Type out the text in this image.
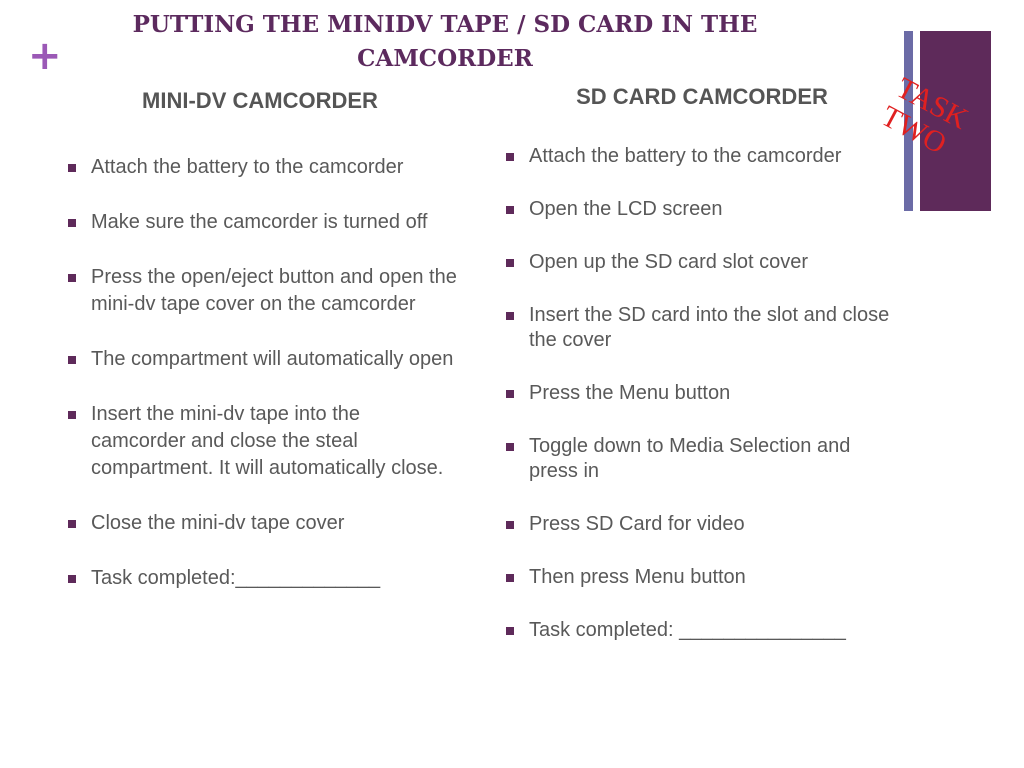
+
PUTTING THE MINIDV TAPE / SD CARD IN THE CAMCORDER
TASK TWO
MINI-DV CAMCORDER
Attach the battery to the camcorder
Make sure the camcorder is turned off
Press the open/eject button and open the mini-dv tape cover on the camcorder
The compartment will automatically open
Insert the mini-dv tape into the camcorder and close the steal compartment. It will automatically close.
Close the mini-dv tape cover
Task completed:_____________
SD CARD CAMCORDER
Attach the battery to the camcorder
Open the LCD screen
Open up the SD card slot cover
Insert the SD card into the slot and close the cover
Press the Menu button
Toggle down to Media Selection and press in
Press SD Card for video
Then press Menu button
Task completed: _______________
